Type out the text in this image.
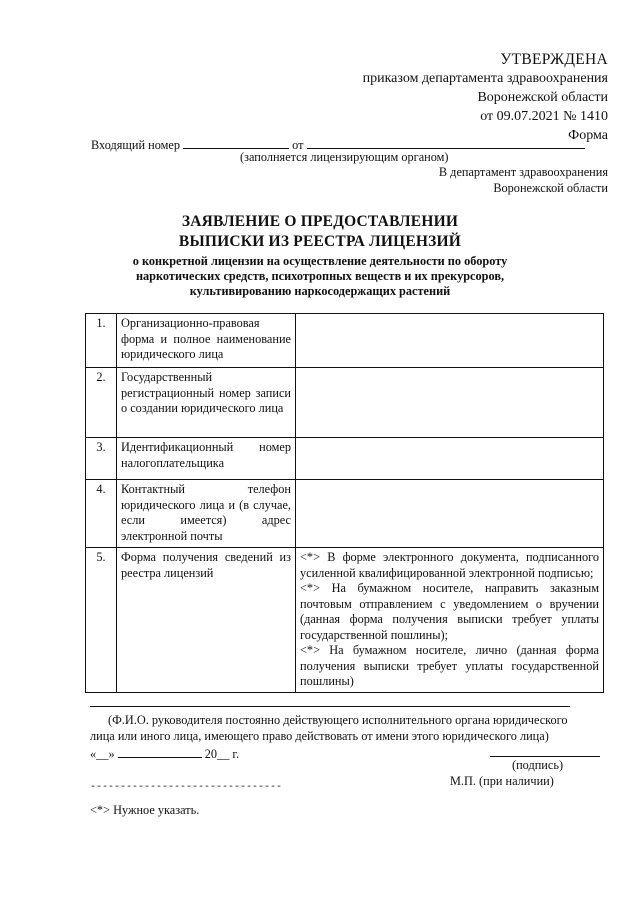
УТВЕРЖДЕНА
приказом департамента здравоохранения
Воронежской области
от 09.07.2021 № 1410
Форма
Входящий номер	от
(заполняется лицензирующим органом)
В департамент здравоохранения
Воронежской области
ЗАЯВЛЕНИЕ О ПРЕДОСТАВЛЕНИИ
ВЫПИСКИ ИЗ РЕЕСТРА ЛИЦЕНЗИЙ
о конкретной лицензии на осуществление деятельности по обороту
наркотических средств, психотропных веществ и их прекурсоров,
культивированию наркосодержащих растений
1.	Организационно-правовая форма и полное наименование юридического лица	
2.	Государственный регистрационный номер записи о создании юридического лица	
3.	Идентификационный номер налогоплательщика	
4.	Контактный телефон юридического лица и (в случае, если имеется) адрес электронной почты	
5.	Форма получения сведений из реестра лицензий	<*> В форме электронного документа, подписанного усиленной квалифицированной электронной подписью;
<*> На бумажном носителе, направить заказным почтовым отправлением с уведомлением о вручении (данная форма получения выписки требует уплаты государственной пошлины);
<*> На бумажном носителе, лично (данная форма получения выписки требует уплаты государственной пошлины)
(Ф.И.О. руководителя постоянно действующего исполнительного органа юридического
лица или иного лица, имеющего право действовать от имени этого юридического лица)
«__»	20__ г.
(подпись)
М.П. (при наличии)
--------------------------------
<*> Нужное указать.
